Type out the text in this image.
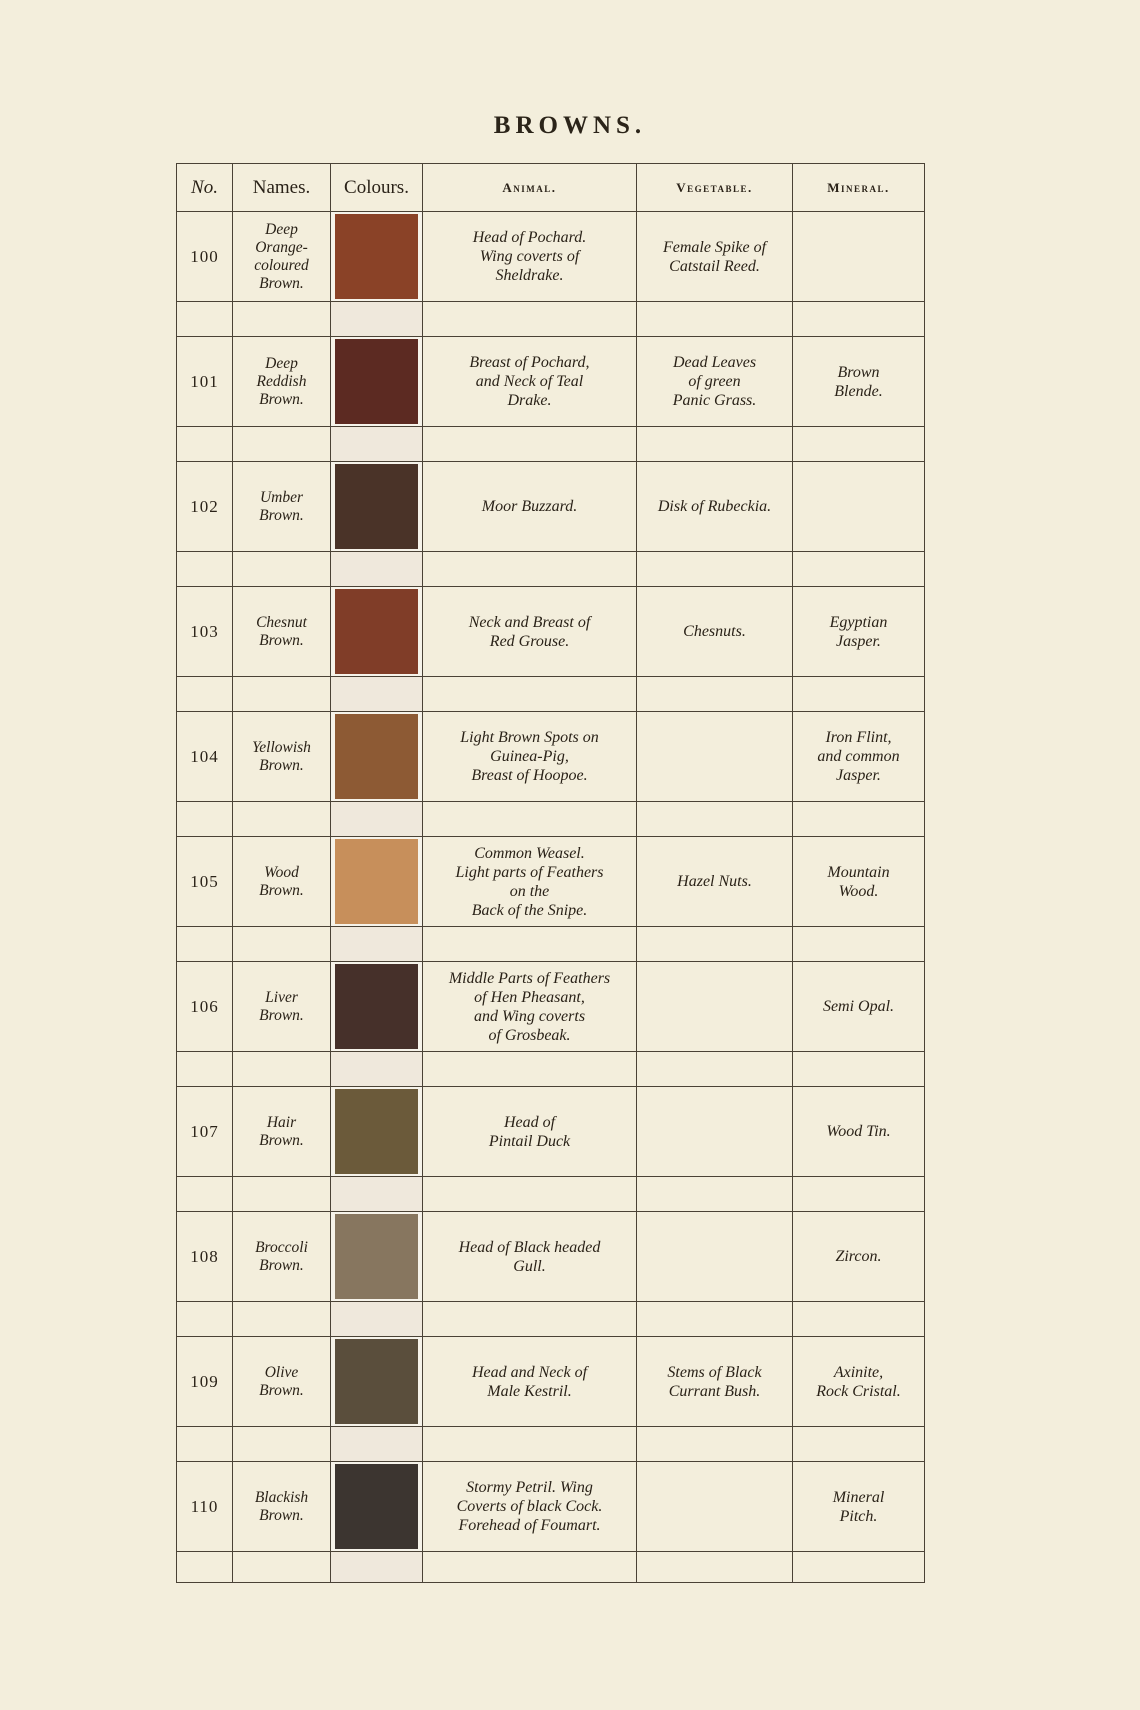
BROWNS.
No.	Names.	Colours.	Animal.	Vegetable.	Mineral.
100	Deep
Orange-
coloured
Brown.		Head of Pochard.
Wing coverts of
Sheldrake.	Female Spike of
Catstail Reed.	

101	Deep
Reddish
Brown.		Breast of Pochard,
and Neck of Teal
Drake.	Dead Leaves
of green
Panic Grass.	Brown
Blende.

102	Umber
Brown.		Moor Buzzard.	Disk of Rubeckia.	

103	Chesnut
Brown.		Neck and Breast of
Red Grouse.	Chesnuts.	Egyptian
Jasper.

104	Yellowish
Brown.		Light Brown Spots on
Guinea-Pig,
Breast of Hoopoe.		Iron Flint,
and common
Jasper.

105	Wood
Brown.		Common Weasel.
Light parts of Feathers
on the
Back of the Snipe.	Hazel Nuts.	Mountain
Wood.

106	Liver
Brown.		Middle Parts of Feathers
of Hen Pheasant,
and Wing coverts
of Grosbeak.		Semi Opal.

107	Hair
Brown.		Head of
Pintail Duck		Wood Tin.

108	Broccoli
Brown.		Head of Black headed
Gull.		Zircon.

109	Olive
Brown.		Head and Neck of
Male Kestril.	Stems of Black
Currant Bush.	Axinite,
Rock Cristal.

110	Blackish
Brown.		Stormy Petril. Wing
Coverts of black Cock.
Forehead of Foumart.		Mineral
Pitch.
